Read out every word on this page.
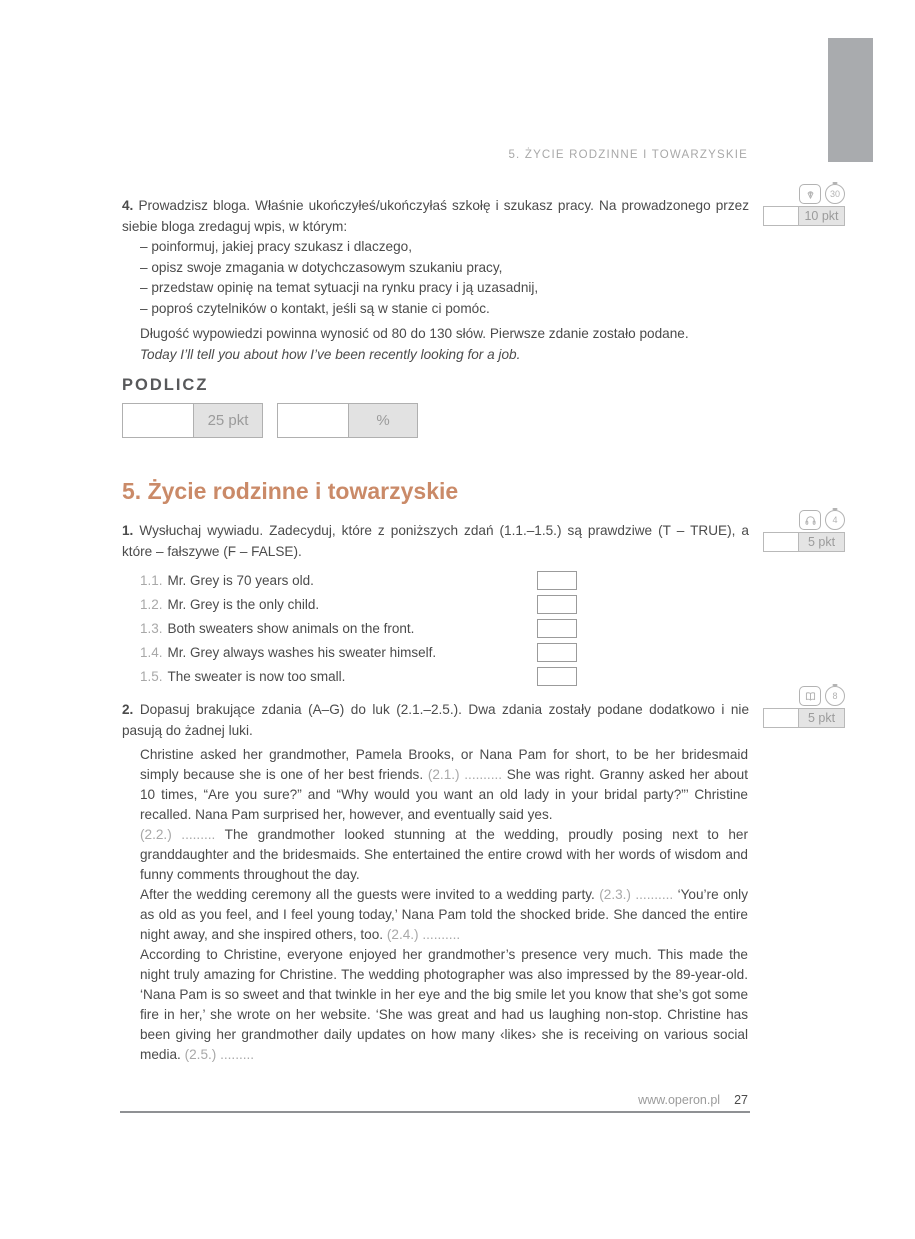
5. ŻYCIE RODZINNE I TOWARZYSKIE
4. Prowadzisz bloga. Właśnie ukończyłeś/ukończyłaś szkołę i szukasz pracy. Na prowadzonego przez siebie bloga zredaguj wpis, w którym:
– poinformuj, jakiej pracy szukasz i dlaczego,
– opisz swoje zmagania w dotychczasowym szukaniu pracy,
– przedstaw opinię na temat sytuacji na rynku pracy i ją uzasadnij,
– poproś czytelników o kontakt, jeśli są w stanie ci pomóc.
Długość wypowiedzi powinna wynosić od 80 do 130 słów. Pierwsze zdanie zostało podane.
Today I’ll tell you about how I’ve been recently looking for a job.
30
10 pkt
PODLICZ
25 pkt	%
5. Życie rodzinne i towarzyskie
1. Wysłuchaj wywiadu. Zadecyduj, które z poniższych zdań (1.1.–1.5.) są prawdziwe (T – TRUE), a które – fałszywe (F – FALSE).
1.1. Mr. Grey is 70 years old.
1.2. Mr. Grey is the only child.
1.3. Both sweaters show animals on the front.
1.4. Mr. Grey always washes his sweater himself.
1.5. The sweater is now too small.
4
5 pkt
2. Dopasuj brakujące zdania (A–G) do luk (2.1.–2.5.). Dwa zdania zostały podane dodatkowo i nie pasują do żadnej luki.
8
5 pkt

Christine asked her grandmother, Pamela Brooks, or Nana Pam for short, to be her bridesmaid simply because she is one of her best friends. (2.1.) .......... She was right. Granny asked her about 10 times, “Are you sure?” and “Why would you want an old lady in your bridal party?”’ Christine recalled. Nana Pam surprised her, however, and eventually said yes.

(2.2.) ......... The grandmother looked stunning at the wedding, proudly posing next to her granddaughter and the bridesmaids. She entertained the entire crowd with her words of wisdom and funny comments throughout the day.

After the wedding ceremony all the guests were invited to a wedding party. (2.3.) .......... ‘You’re only as old as you feel, and I feel young today,’ Nana Pam told the shocked bride. She danced the entire night away, and she inspired others, too. (2.4.) ..........

According to Christine, everyone enjoyed her grandmother’s presence very much. This made the night truly amazing for Christine. The wedding photographer was also impressed by the 89-year-old. ‘Nana Pam is so sweet and that twinkle in her eye and the big smile let you know that she’s got some fire in her,’ she wrote on her website. ‘She was great and had us laughing non-stop. Christine has been giving her grandmother daily updates on how many ‹likes› she is receiving on various social media. (2.5.) .........

www.operon.pl 27
